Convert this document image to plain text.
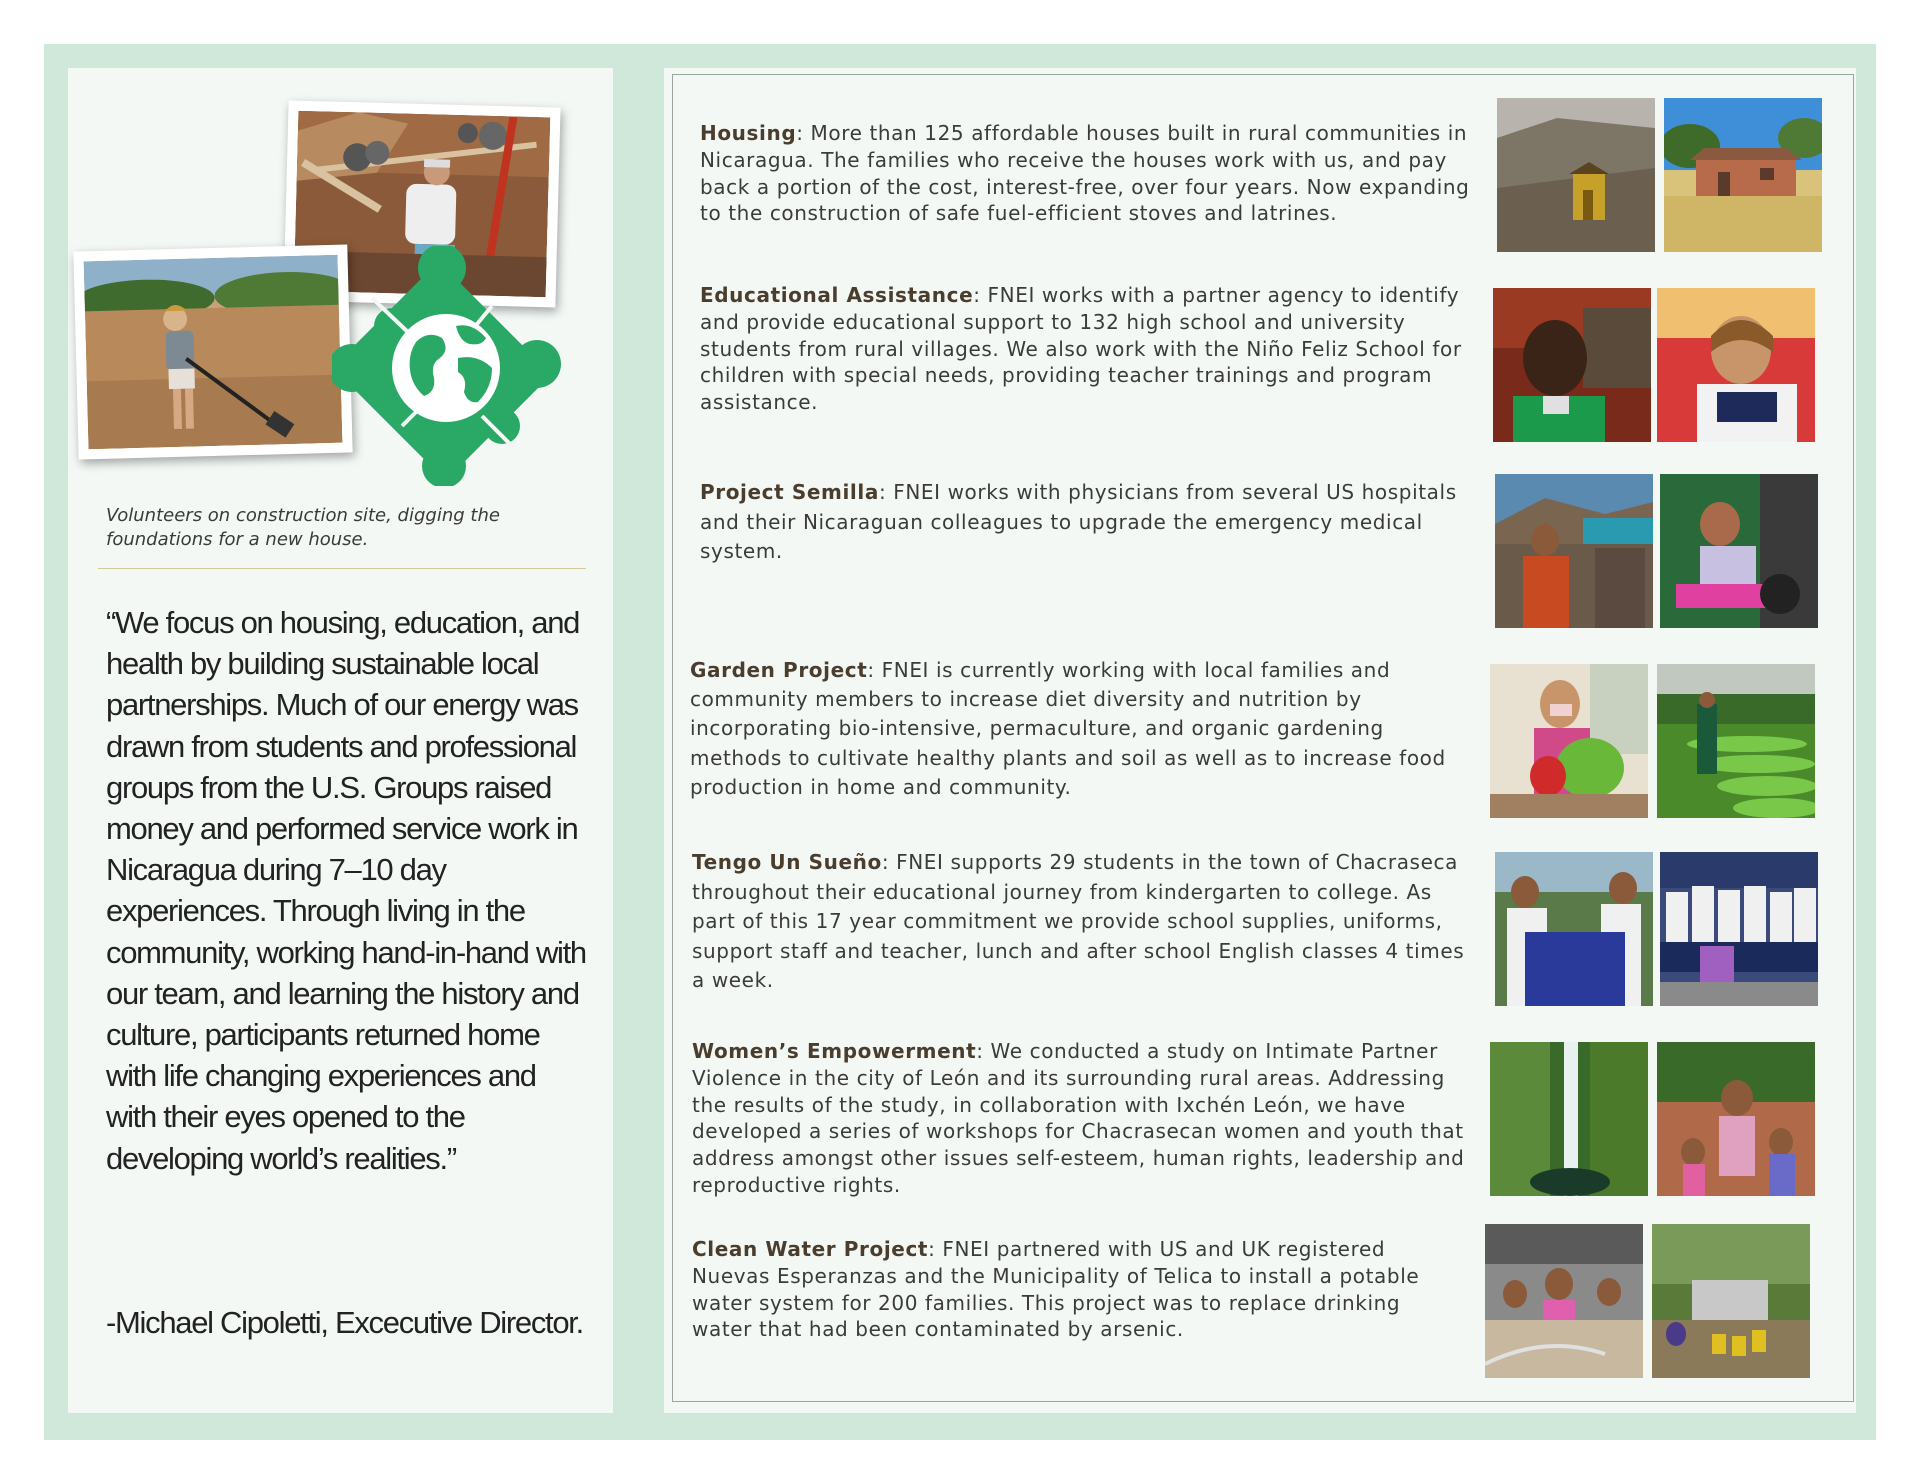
Volunteers on construction site, digging the foundations for a new house.
“We focus on housing, education, and health by building sustainable local partnerships. Much of our energy was drawn from students and professional groups from the U.S. Groups raised money and performed service work in Nicaragua during 7–10 day experiences. Through living in the community, working hand-in-hand with our team, and learning the history and culture, participants returned home with life changing experiences and with their eyes opened to the developing world’s realities.”
-Michael Cipoletti, Excecutive Director.
Housing: More than 125 affordable houses built in rural communities in Nicaragua. The families who receive the houses work with us, and pay back a portion of the cost, interest-free, over four years. Now expanding to the construction of safe fuel-efficient stoves and latrines.
Educational Assistance: FNEI works with a partner agency to identify and provide educational support to 132 high school and university students from rural villages. We also work with the Niño Feliz School for children with special needs, providing teacher trainings and program assistance.
Project Semilla: FNEI works with physicians from several US hospitals and their Nicaraguan colleagues to upgrade the emergency medical system.
Garden Project: FNEI is currently working with local families and community members to increase diet diversity and nutrition by incorporating bio-intensive, permaculture, and organic gardening methods to cultivate healthy plants and soil as well as to increase food production in home and community.
Tengo Un Sueño: FNEI supports 29 students in the town of Chacraseca throughout their educational journey from kindergarten to college. As part of this 17 year commitment we provide school supplies, uniforms, support staff and teacher, lunch and after school English classes 4 times a week.
Women’s Empowerment: We conducted a study on Intimate Partner Violence in the city of León and its surrounding rural areas. Addressing the results of the study, in collaboration with Ixchén León, we have developed a series of workshops for Chacrasecan women and youth that address amongst other issues self-esteem, human rights, leadership and reproductive rights.
Clean Water Project: FNEI partnered with US and UK registered Nuevas Esperanzas and the Municipality of Telica to install a potable water system for 200 families. This project was to replace drinking water that had been contaminated by arsenic.
